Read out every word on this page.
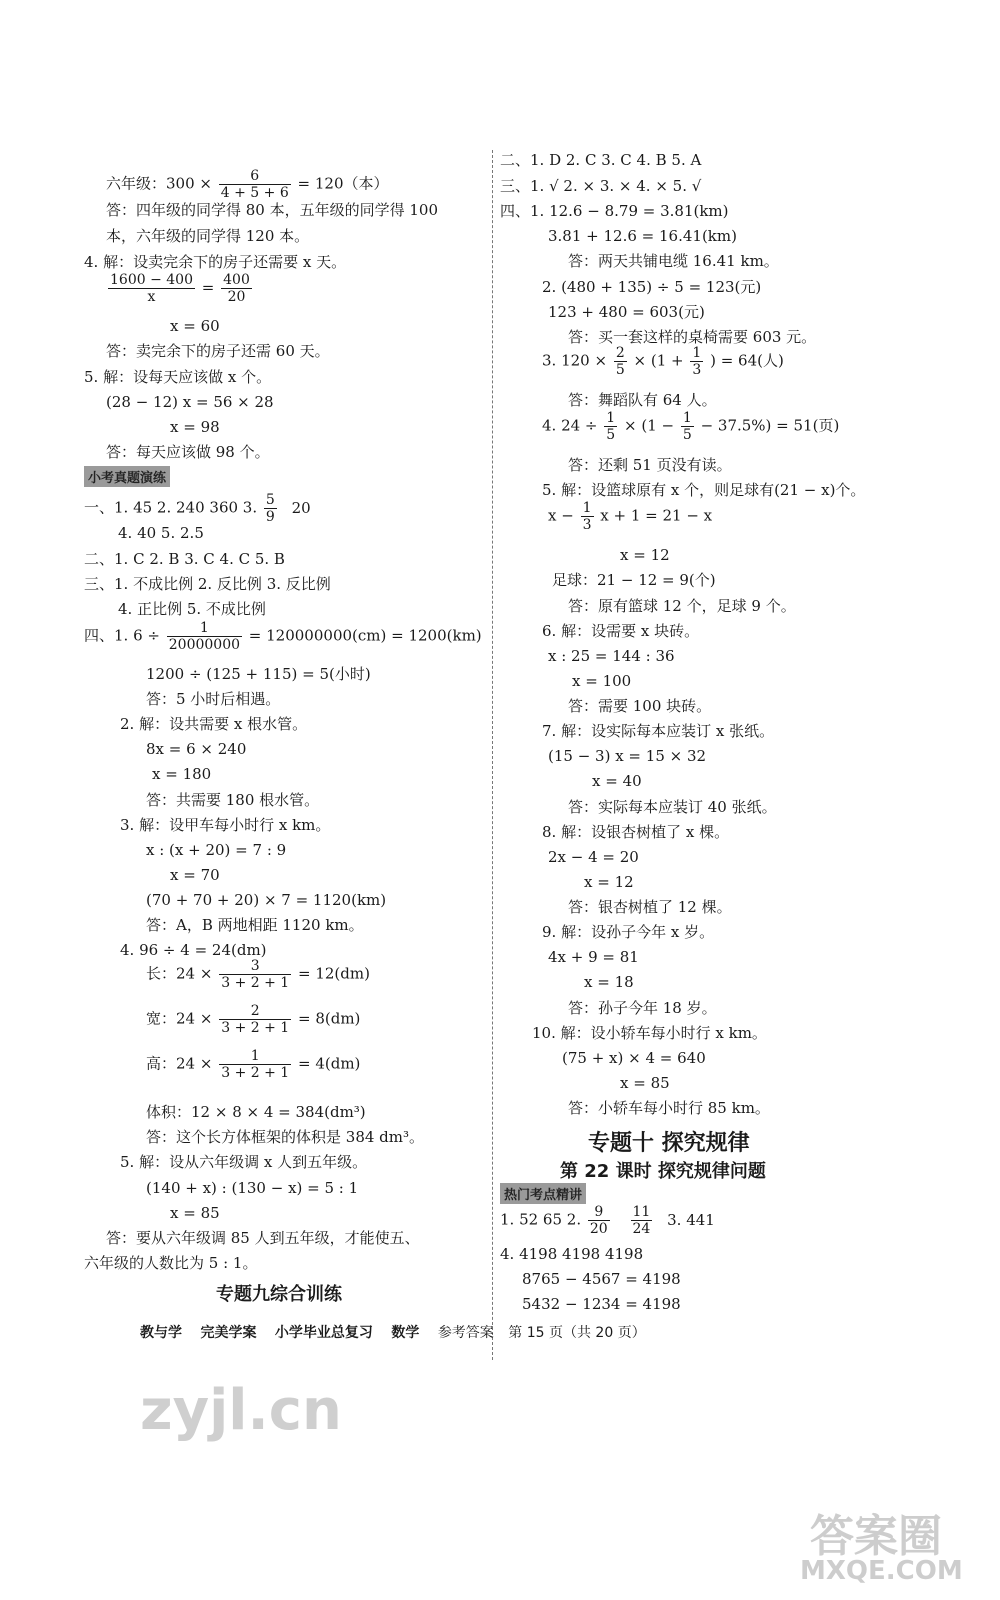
六年级：$300 \times \frac{6}{4 + 5 + 6} = 120$（本）
答：四年级的同学得 80 本，五年级的同学得 100
本，六年级的同学得 120 本。
4. 解：设卖完余下的房子还需要 x 天。
$\frac{1600 - 400}{x} = \frac{400}{20}$
x = 60
答：卖完余下的房子还需 60 天。
5. 解：设每天应该做 x 个。
(28 − 12) x = 56 × 28
x = 98
答：每天应该做 98 个。
小考真题演练
一、1. 45 2. 240 360 3. $\frac{5}{9} 20$
4. 40 5. 2.5
二、1. C 2. B 3. C 4. C 5. B
三、1. 不成比例 2. 反比例 3. 反比例
4. 正比例 5. 不成比例
四、1. $6 \div \frac{1}{20000000} = 120000000(cm) = 1200(km)$
1200 ÷ (125 + 115) = 5(小时)
答：5 小时后相遇。
2. 解：设共需要 x 根水管。
8x = 6 × 240
x = 180
答：共需要 180 根水管。
3. 解：设甲车每小时行 x km。
x : (x + 20) = 7 : 9
x = 70
(70 + 70 + 20) × 7 = 1120(km)
答：A，B 两地相距 1120 km。
4. 96 ÷ 4 = 24(dm)
长：$24 \times \frac{3}{3 + 2 + 1} = 12(dm)$
宽：$24 \times \frac{2}{3 + 2 + 1} = 8(dm)$
高：$24 \times \frac{1}{3 + 2 + 1} = 4(dm)$
体积：12 × 8 × 4 = 384(dm³)
答：这个长方体框架的体积是 384 dm³。
5. 解：设从六年级调 x 人到五年级。
(140 + x) : (130 − x) = 5 : 1
x = 85
答：要从六年级调 85 人到五年级，才能使五、
六年级的人数比为 5 : 1。
专题九综合训练
二、1. D 2. C 3. C 4. B 5. A
三、1. √ 2. × 3. × 4. × 5. √
四、1. 12.6 − 8.79 = 3.81(km)
3.81 + 12.6 = 16.41(km)
答：两天共铺电缆 16.41 km。
2. (480 + 135) ÷ 5 = 123(元)
123 + 480 = 603(元)
答：买一套这样的桌椅需要 603 元。
3. $120 \times \frac{2}{5} \times (1 + \frac{1}{3}$ ) = 64(人)
答：舞蹈队有 64 人。
4. $24 \div \frac{1}{5} \times (1 - \frac{1}{5} - 37.5\%) = 51$(页)
答：还剩 51 页没有读。
5. 解：设篮球原有 x 个，则足球有(21 − x)个。
$x - \frac{1}{3}$ x + 1 = 21 − x
x = 12
足球：21 − 12 = 9(个)
答：原有篮球 12 个，足球 9 个。
6. 解：设需要 x 块砖。
x : 25 = 144 : 36
x = 100
答：需要 100 块砖。
7. 解：设实际每本应装订 x 张纸。
(15 − 3) x = 15 × 32
x = 40
答：实际每本应装订 40 张纸。
8. 解：设银杏树植了 x 棵。
2x − 4 = 20
x = 12
答：银杏树植了 12 棵。
9. 解：设孙子今年 x 岁。
4x + 9 = 81
x = 18
答：孙子今年 18 岁。
10. 解：设小轿车每小时行 x km。
(75 + x) × 4 = 640
x = 85
答：小轿车每小时行 85 km。
专题十 探究规律
第 22 课时 探究规律问题
热门考点精讲
1. 52 65 2. $\frac{9}{20}$
$\frac{11}{24} 3$. 441
4. 4198 4198 4198
8765 − 4567 = 4198
5432 − 1234 = 4198
教与学 完美学案 小学毕业总复习 数学 参考答案 第 15 页（共 20 页）
zyjl.cn
答案圈
MXQE.COM
